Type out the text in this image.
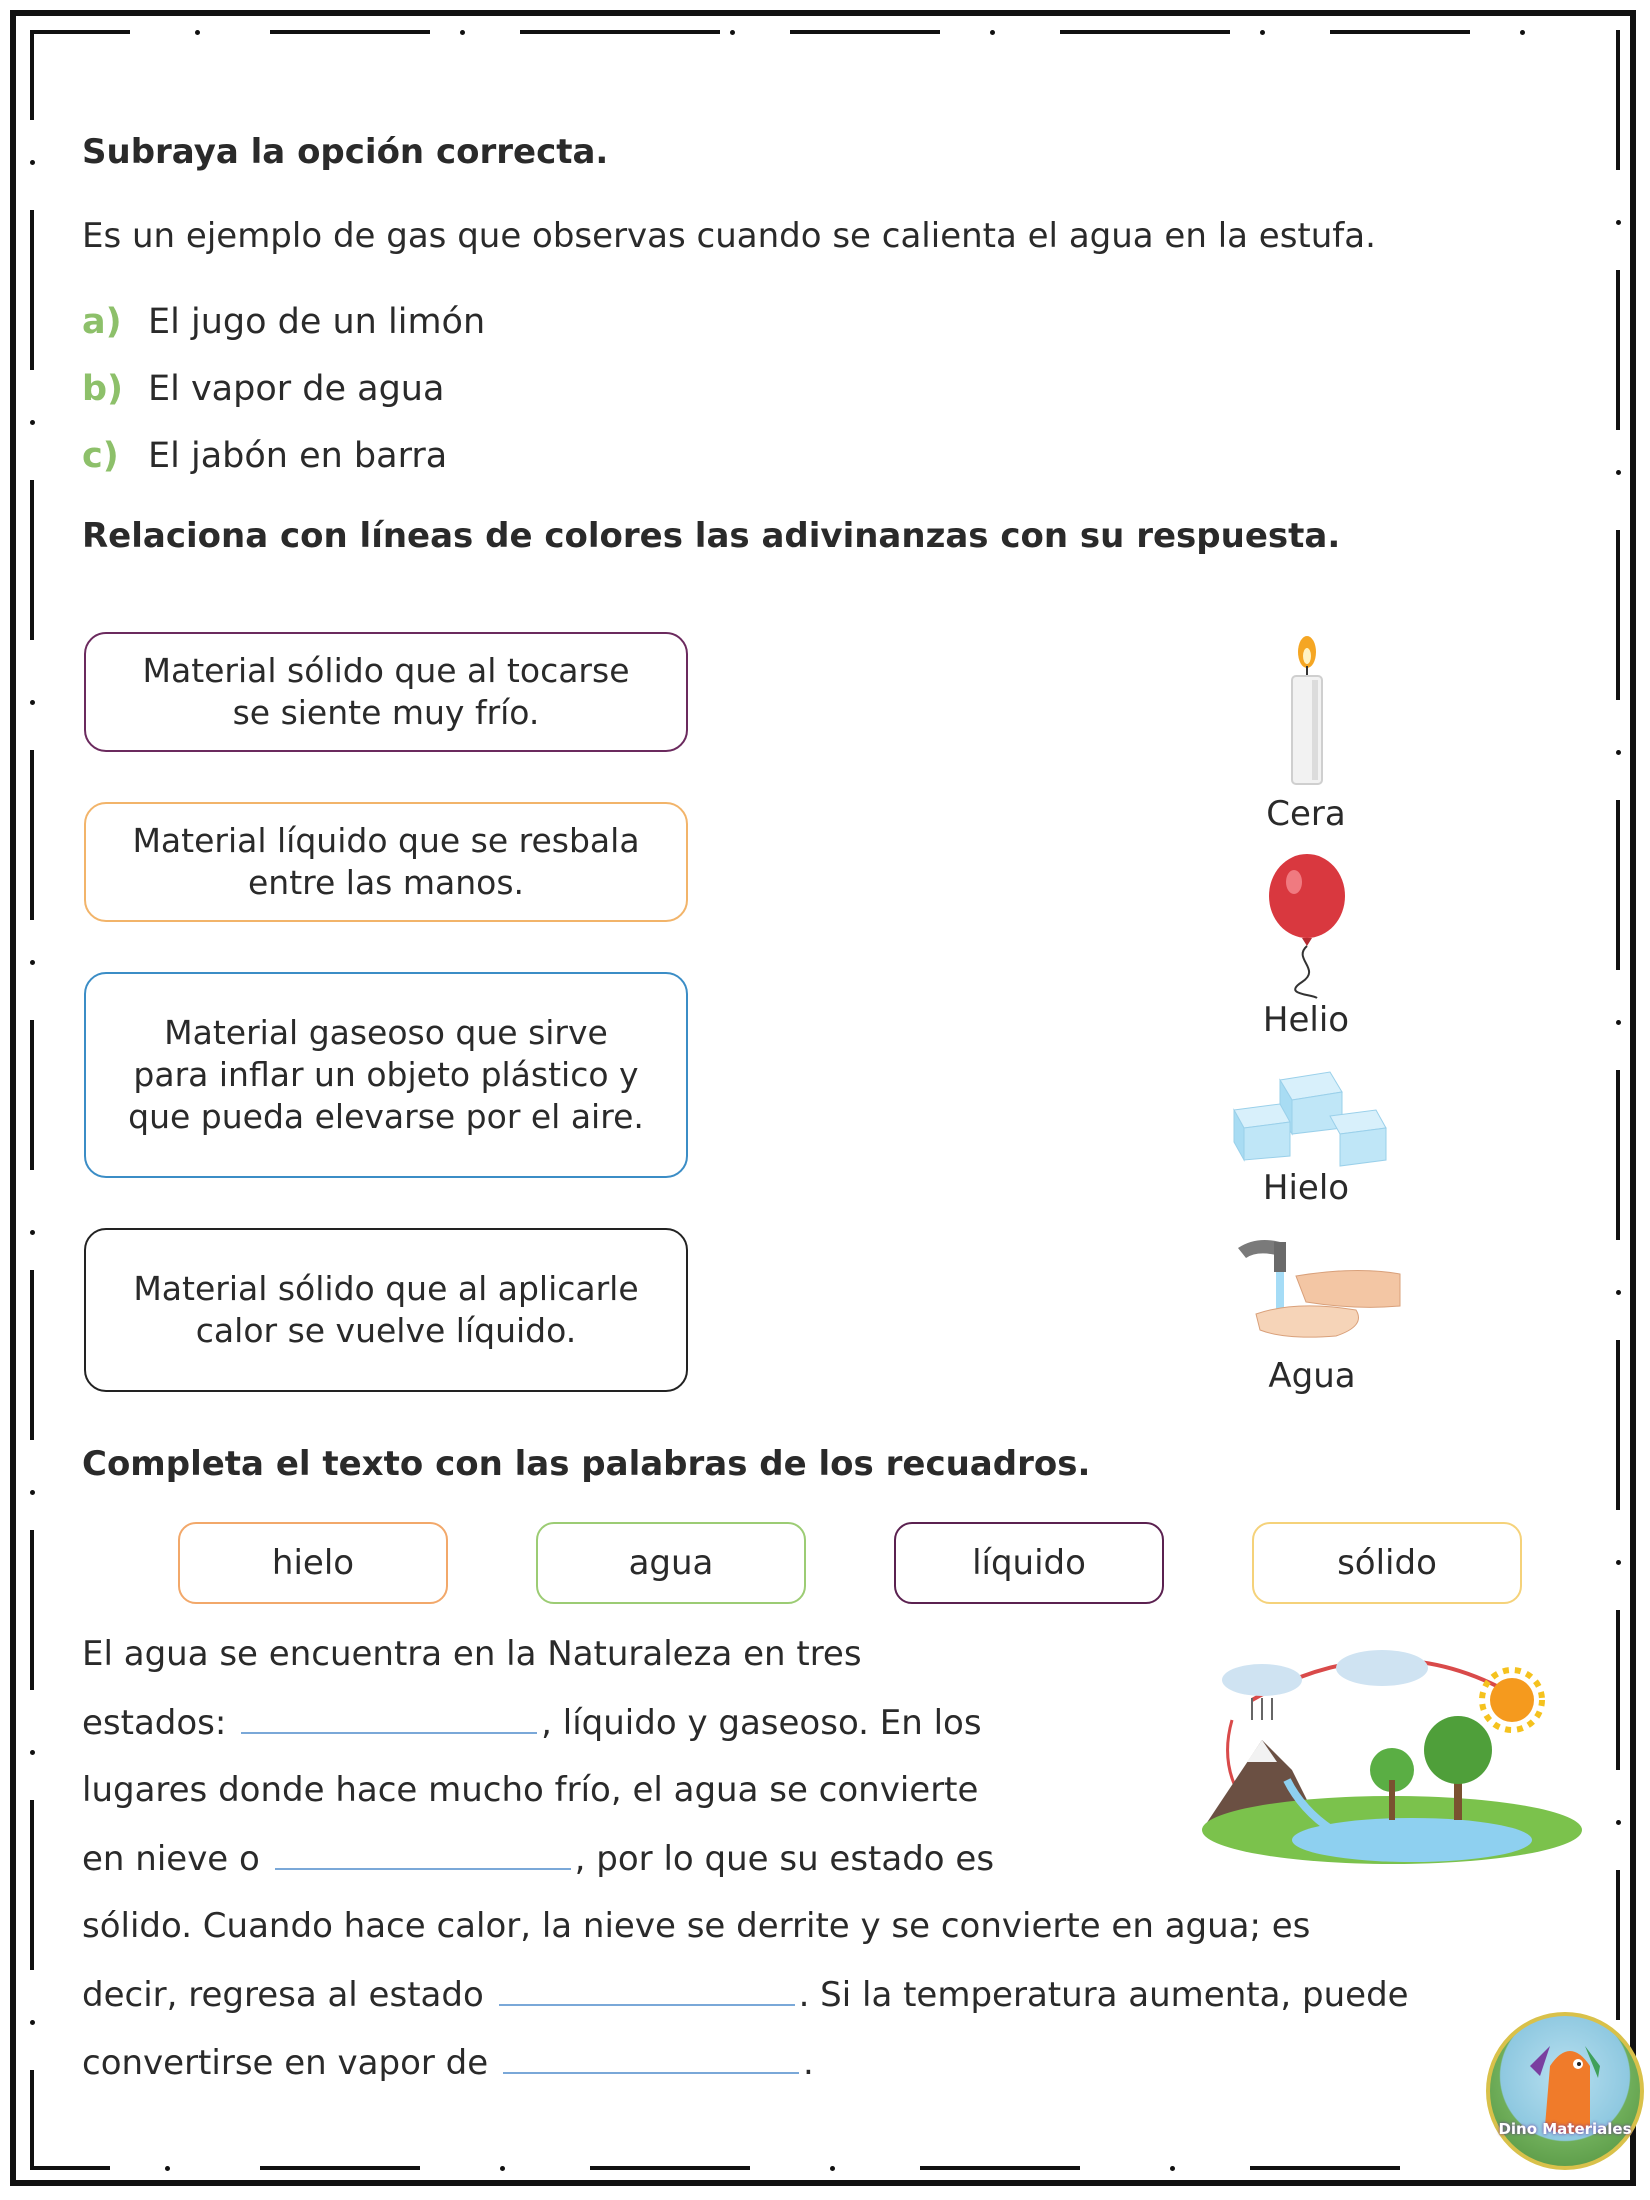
Subraya la opción correcta.
Es un ejemplo de gas que observas cuando se calienta el agua en la estufa.
a) El jugo de un limón
b) El vapor de agua
c) El jabón en barra
Relaciona con líneas de colores las adivinanzas con su respuesta.
Material sólido que al tocarse se siente muy frío.
Material líquido que se resbala entre las manos.
Material gaseoso que sirve para inflar un objeto plástico y que pueda elevarse por el aire.
Material sólido que al aplicarle calor se vuelve líquido.
Cera
Helio
Hielo
Agua
Completa el texto con las palabras de los recuadros.
hielo	agua	líquido	sólido
El agua se encuentra en la Naturaleza en tres
estados:	, líquido y gaseoso. En los
lugares donde hace mucho frío, el agua se convierte
en nieve o	, por lo que su estado es
sólido. Cuando hace calor, la nieve se derrite y se convierte en agua; es
decir, regresa al estado	. Si la temperatura aumenta, puede
convertirse en vapor de	.
Dino Materiales
